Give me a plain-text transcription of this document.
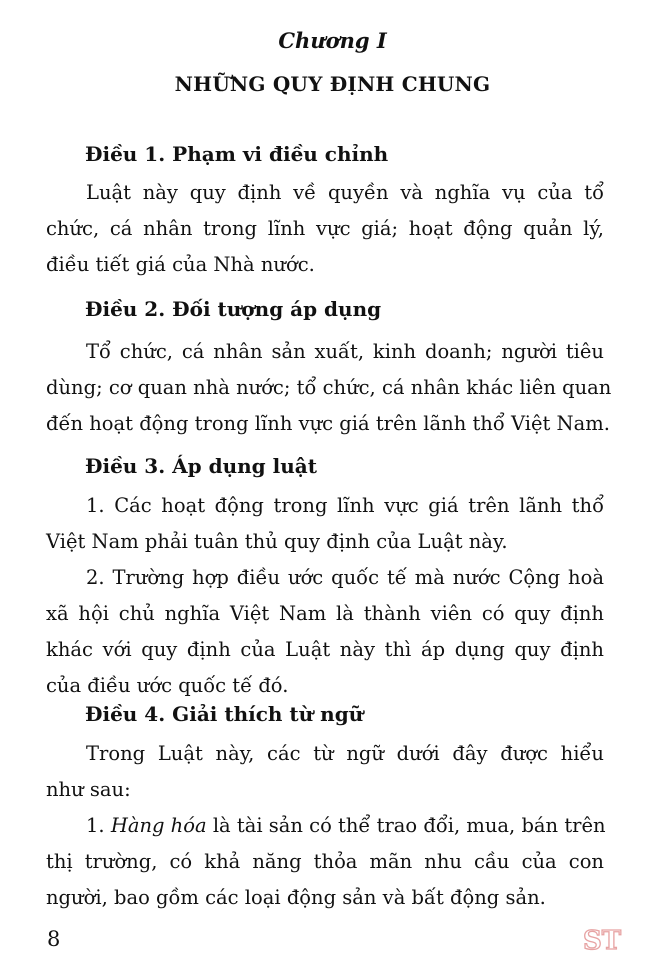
Chương I
NHỮNG QUY ĐỊNH CHUNG
Điều 1. Phạm vi điều chỉnh
Luật này quy định về quyền và nghĩa vụ của tổ
chức, cá nhân trong lĩnh vực giá; hoạt động quản lý,
điều tiết giá của Nhà nước.
Điều 2. Đối tượng áp dụng
Tổ chức, cá nhân sản xuất, kinh doanh; người tiêu
dùng; cơ quan nhà nước; tổ chức, cá nhân khác liên quan
đến hoạt động trong lĩnh vực giá trên lãnh thổ Việt Nam.
Điều 3. Áp dụng luật
1. Các hoạt động trong lĩnh vực giá trên lãnh thổ
Việt Nam phải tuân thủ quy định của Luật này.
2. Trường hợp điều ước quốc tế mà nước Cộng hoà
xã hội chủ nghĩa Việt Nam là thành viên có quy định
khác với quy định của Luật này thì áp dụng quy định
của điều ước quốc tế đó.
Điều 4. Giải thích từ ngữ
Trong Luật này, các từ ngữ dưới đây được hiểu
như sau:
1. Hàng hóa là tài sản có thể trao đổi, mua, bán trên
thị trường, có khả năng thỏa mãn nhu cầu của con
người, bao gồm các loại động sản và bất động sản.
8	ST
